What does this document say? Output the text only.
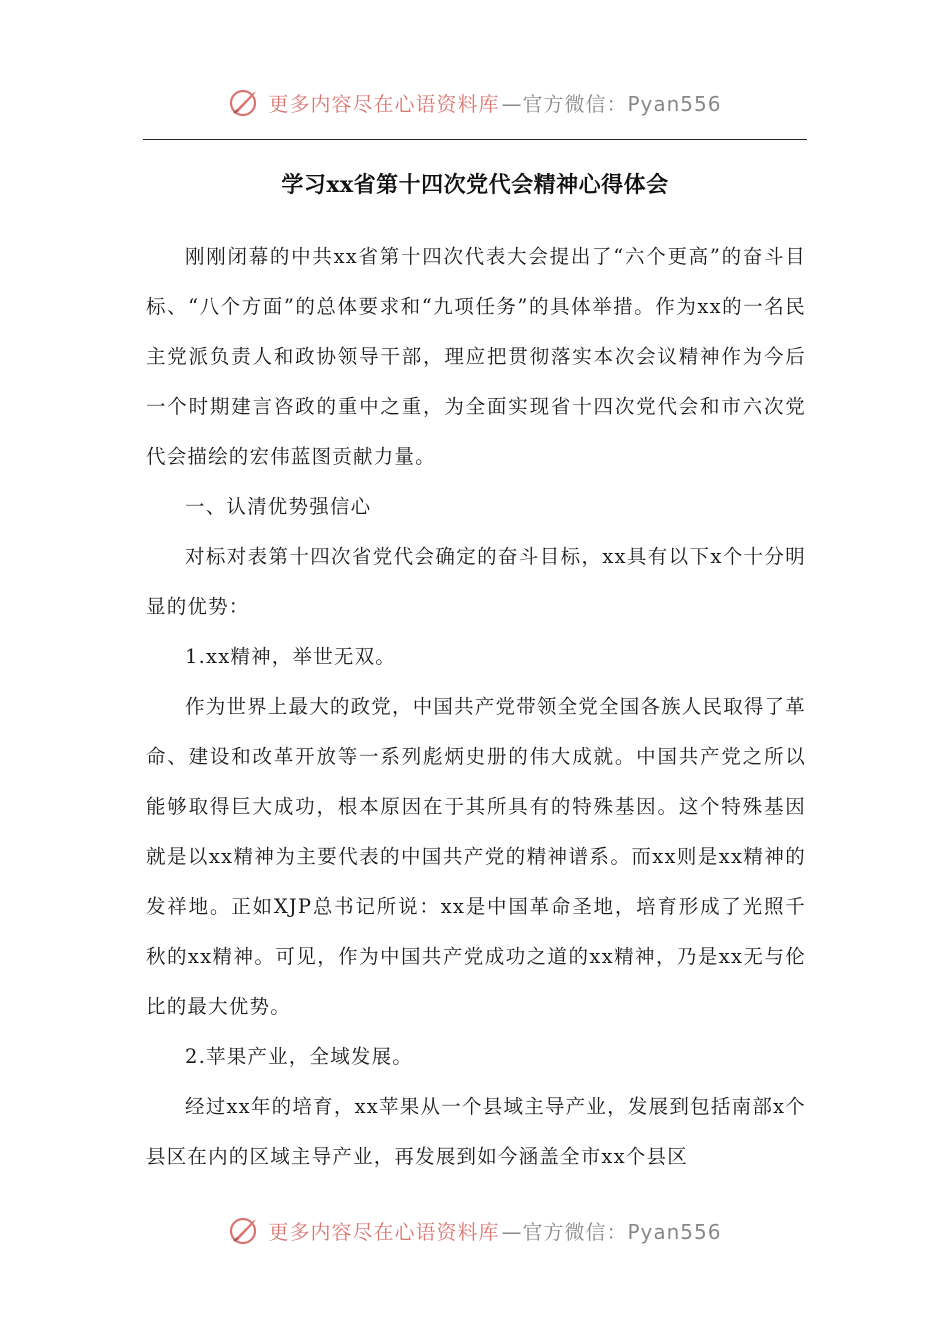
更多内容尽在心语资料库 —官方微信：Pyan556
学习xx省第十四次党代会精神心得体会

刚刚闭幕的中共xx省第十四次代表大会提出了“六个更高”的奋斗目标、“八个方面”的总体要求和“九项任务”的具体举措。作为xx的一名民主党派负责人和政协领导干部，理应把贯彻落实本次会议精神作为今后一个时期建言咨政的重中之重，为全面实现省十四次党代会和市六次党代会描绘的宏伟蓝图贡献力量。

一、认清优势强信心

对标对表第十四次省党代会确定的奋斗目标，xx具有以下x个十分明显的优势：

1.xx精神，举世无双。

作为世界上最大的政党，中国共产党带领全党全国各族人民取得了革命、建设和改革开放等一系列彪炳史册的伟大成就。中国共产党之所以能够取得巨大成功，根本原因在于其所具有的特殊基因。这个特殊基因就是以xx精神为主要代表的中国共产党的精神谱系。而xx则是xx精神的发祥地。正如XJP总书记所说：xx是中国革命圣地，培育形成了光照千秋的xx精神。可见，作为中国共产党成功之道的xx精神，乃是xx无与伦比的最大优势。

2.苹果产业，全域发展。

经过xx年的培育，xx苹果从一个县域主导产业，发展到包括南部x个县区在内的区域主导产业，再发展到如今涵盖全市xx个县区

更多内容尽在心语资料库 —官方微信：Pyan556
